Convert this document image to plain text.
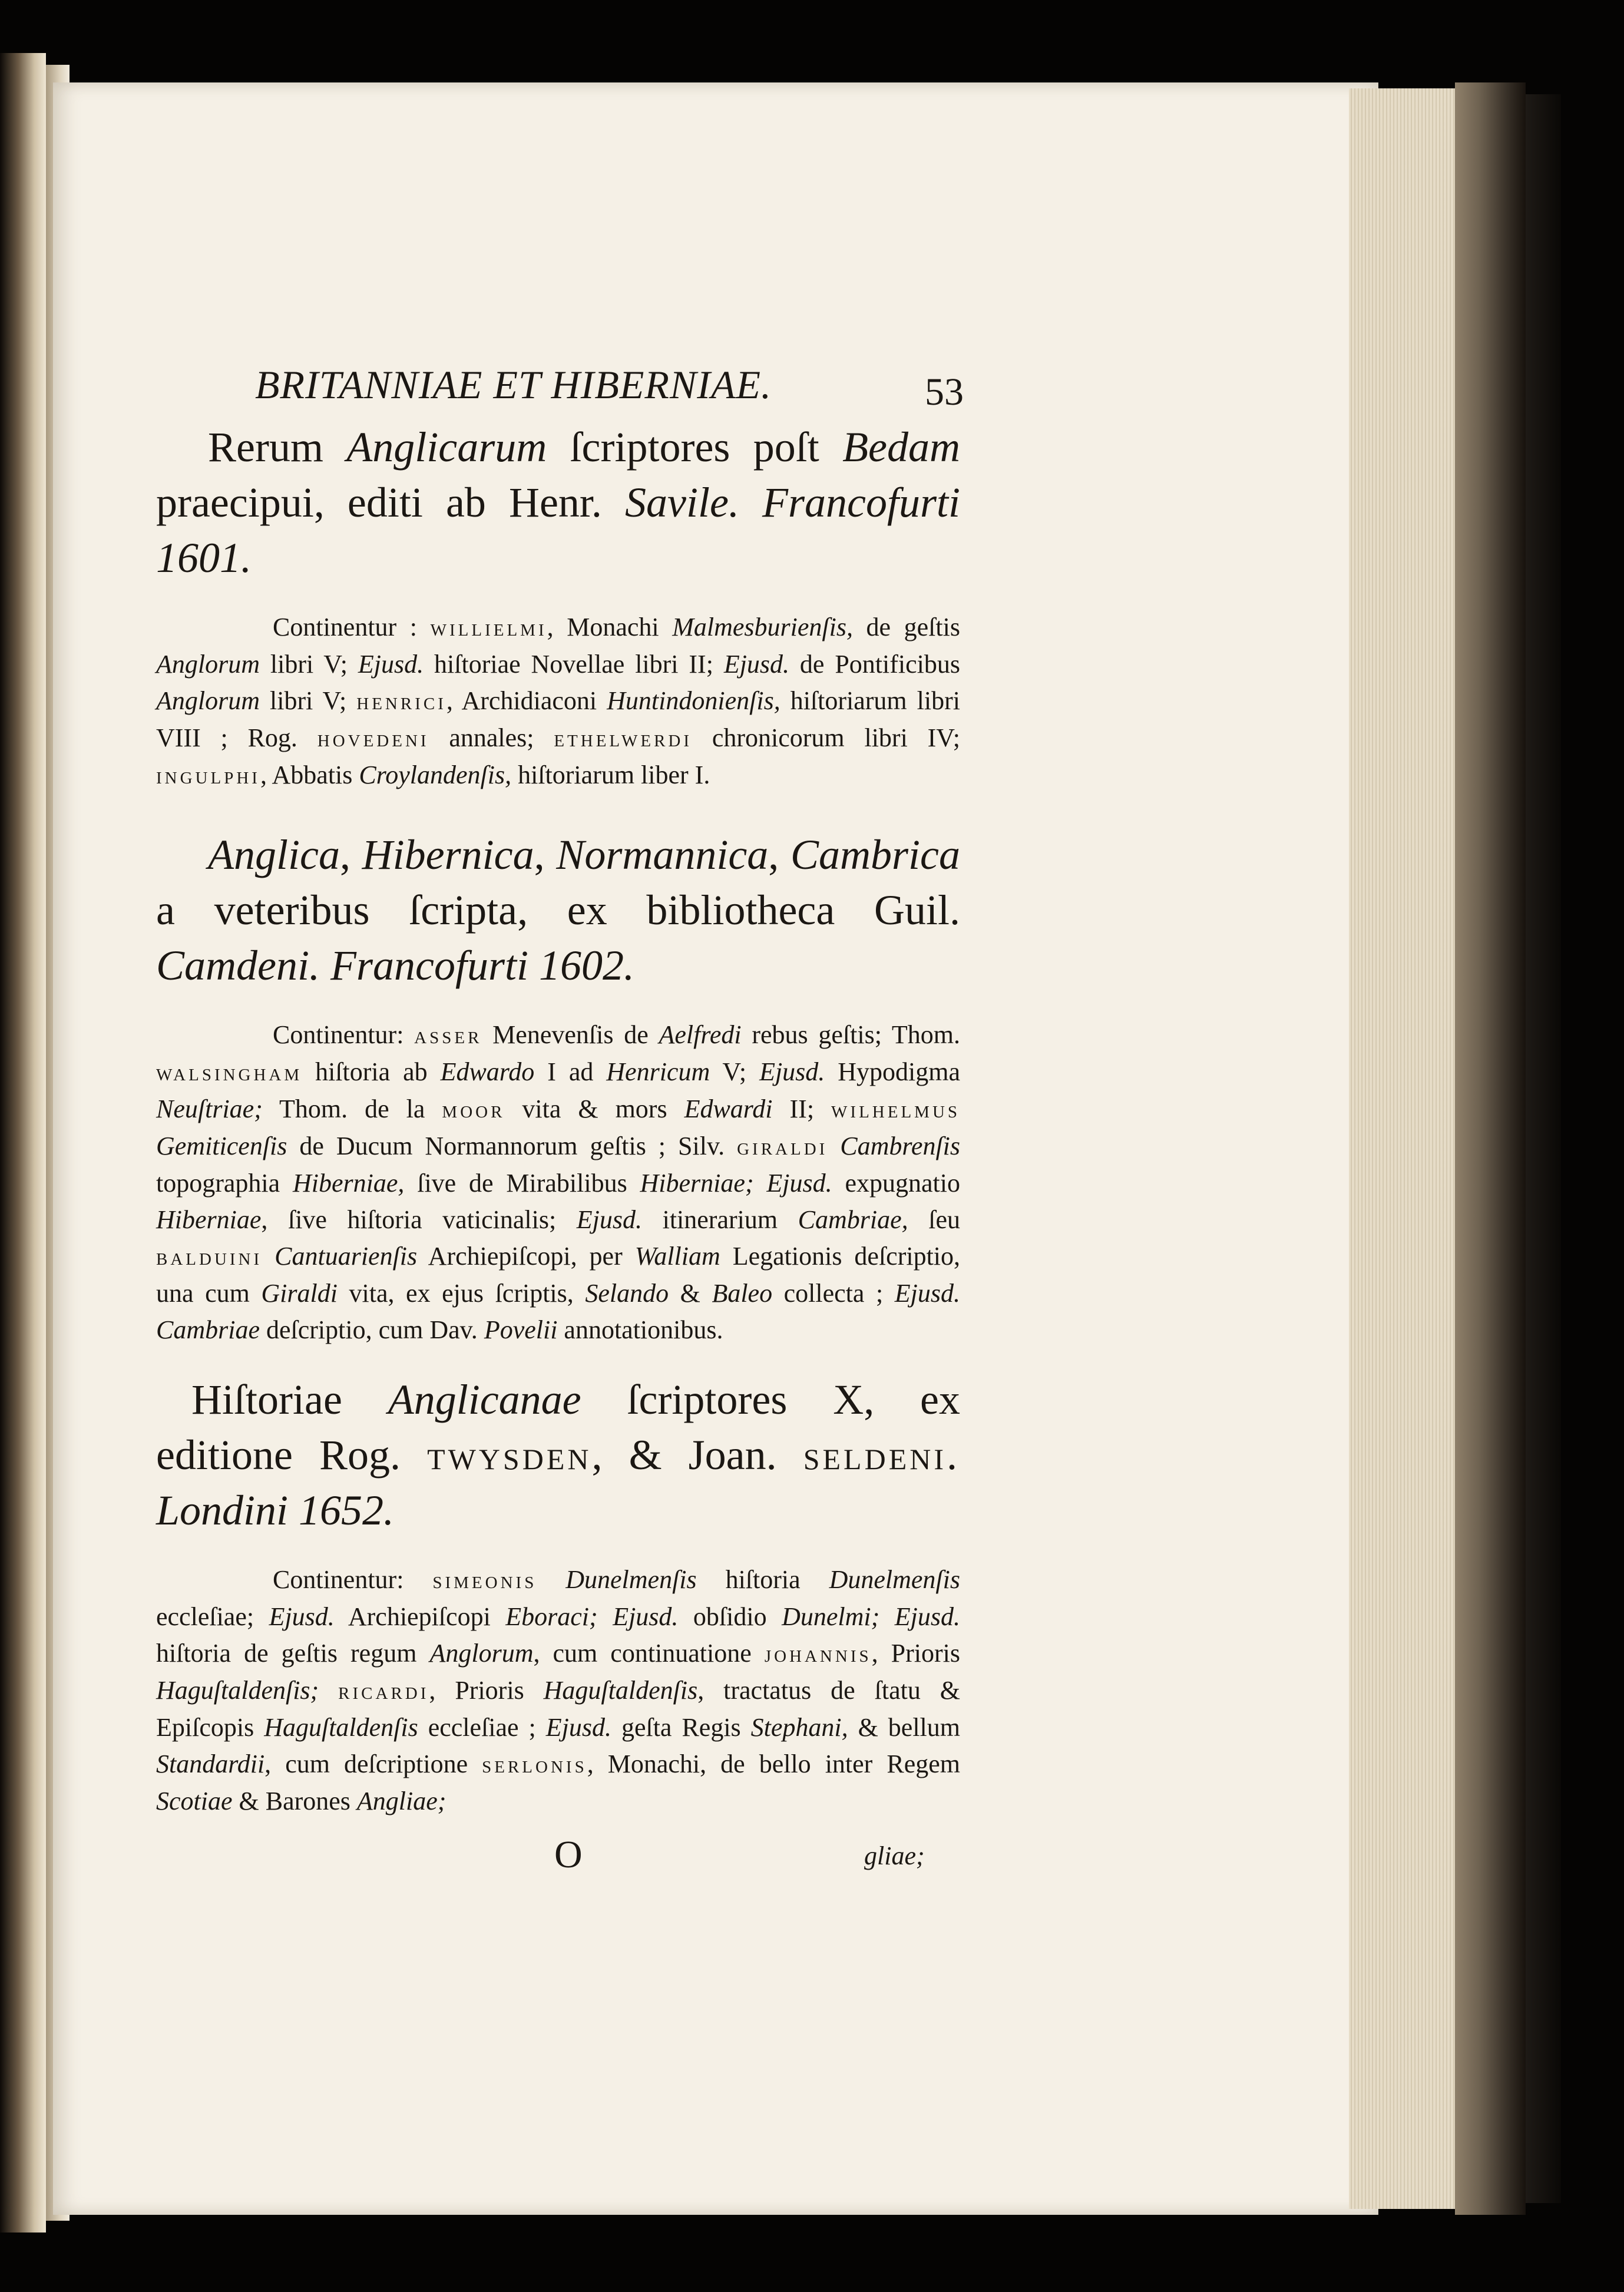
BRITANNIAE ET HIBERNIAE.	53

Rerum Anglicarum ſcriptores poſt Bedam praecipui, editi ab Henr. Savile. Francofurti 1601.

Continentur : willielmi, Monachi Malmesburienſis, de geſtis Anglorum libri V; Ejusd. hiſtoriae Novellae libri II; Ejusd. de Pontificibus Anglorum libri V; henrici, Archidiaconi Huntindonienſis, hiſtoriarum libri VIII ; Rog. hovedeni annales; ethelwerdi chronicorum libri IV; ingulphi, Abbatis Croylandenſis, hiſtoriarum liber I.

Anglica, Hibernica, Normannica, Cambrica a veteribus ſcripta, ex bibliotheca Guil. Camdeni. Francofurti 1602.

Continentur: asser Menevenſis de Aelfredi rebus geſtis; Thom. walsingham hiſtoria ab Edwardo I ad Henricum V; Ejusd. Hypodigma Neuſtriae; Thom. de la moor vita & mors Edwardi II; wilhelmus Gemiticenſis de Ducum Normannorum geſtis ; Silv. giraldi Cambrenſis topographia Hiberniae, ſive de Mirabilibus Hiberniae; Ejusd. expugnatio Hiberniae, ſive hiſtoria vaticinalis; Ejusd. itinerarium Cambriae, ſeu balduini Cantuarienſis Archiepiſcopi, per Walliam Legationis deſcriptio, una cum Giraldi vita, ex ejus ſcriptis, Selando & Baleo collecta ; Ejusd. Cambriae deſcriptio, cum Dav. Povelii annotationibus.

Hiſtoriae Anglicanae ſcriptores X, ex editione Rog. twysden, & Joan. seldeni. Londini 1652.

Continentur: simeonis Dunelmenſis hiſtoria Dunelmenſis eccleſiae; Ejusd. Archiepiſcopi Eboraci; Ejusd. obſidio Dunelmi; Ejusd. hiſtoria de geſtis regum Anglorum, cum continuatione johannis, Prioris Haguſtaldenſis; ricardi, Prioris Haguſtaldenſis, tractatus de ſtatu & Epiſcopis Haguſtaldenſis eccleſiae ; Ejusd. geſta Regis Stephani, & bellum Standardii, cum deſcriptione serlonis, Monachi, de bello inter Regem Scotiae & Barones Angliae;

O	gliae;
